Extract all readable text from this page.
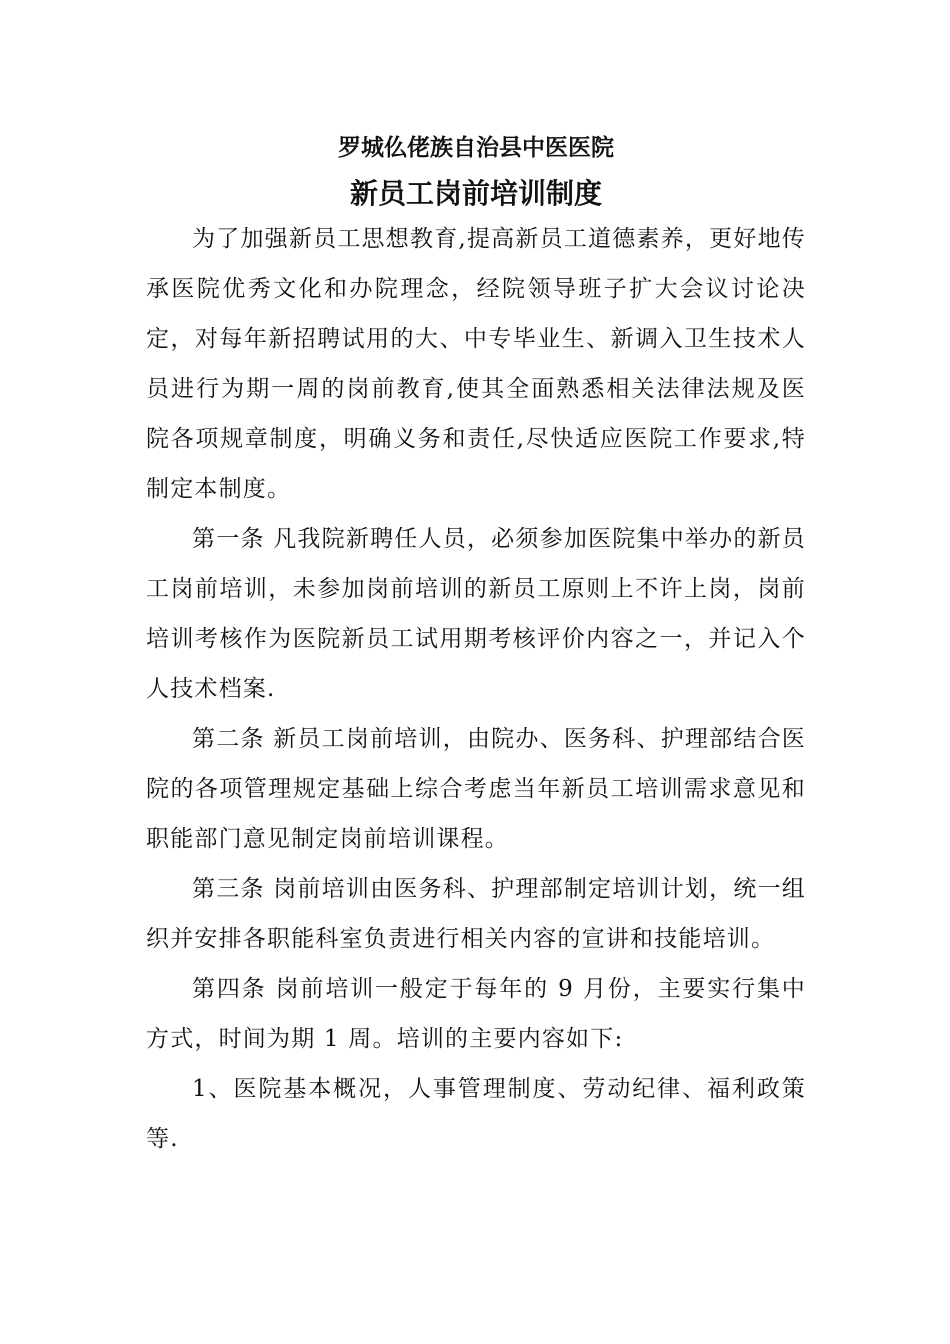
罗城仫佬族自治县中医医院
新员工岗前培训制度

为了加强新员工思想教育,提高新员工道德素养，更好地传承医院优秀文化和办院理念，经院领导班子扩大会议讨论决定，对每年新招聘试用的大、中专毕业生、新调入卫生技术人员进行为期一周的岗前教育,使其全面熟悉相关法律法规及医院各项规章制度，明确义务和责任,尽快适应医院工作要求,特制定本制度。

第一条 凡我院新聘任人员，必须参加医院集中举办的新员工岗前培训，未参加岗前培训的新员工原则上不许上岗，岗前培训考核作为医院新员工试用期考核评价内容之一，并记入个人技术档案.

第二条 新员工岗前培训，由院办、医务科、护理部结合医院的各项管理规定基础上综合考虑当年新员工培训需求意见和职能部门意见制定岗前培训课程。

第三条 岗前培训由医务科、护理部制定培训计划，统一组织并安排各职能科室负责进行相关内容的宣讲和技能培训。

第四条 岗前培训一般定于每年的 9 月份，主要实行集中方式，时间为期 1 周。培训的主要内容如下:

1、医院基本概况，人事管理制度、劳动纪律、福利政策等.
